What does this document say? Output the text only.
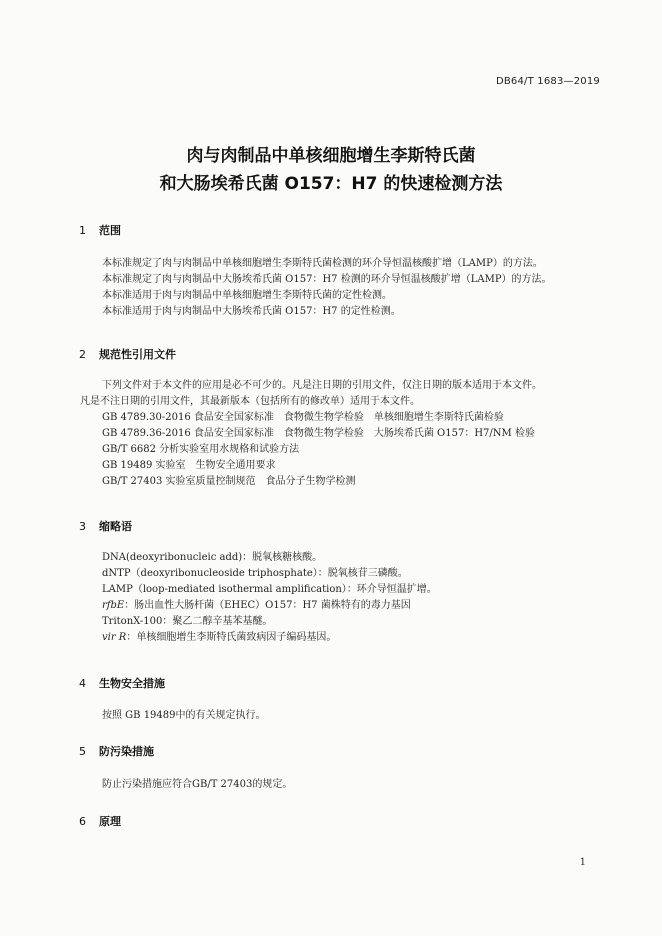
DB64/T 1683—2019
肉与肉制品中单核细胞增生李斯特氏菌
和大肠埃希氏菌 O157：H7 的快速检测方法
1 范围
本标准规定了肉与肉制品中单核细胞增生李斯特氏菌检测的环介导恒温核酸扩增（LAMP）的方法。
本标准规定了肉与肉制品中大肠埃希氏菌 O157：H7 检测的环介导恒温核酸扩增（LAMP）的方法。
本标准适用于肉与肉制品中单核细胞增生李斯特氏菌的定性检测。
本标准适用于肉与肉制品中大肠埃希氏菌 O157：H7 的定性检测。
2 规范性引用文件
下列文件对于本文件的应用是必不可少的。凡是注日期的引用文件，仅注日期的版本适用于本文件。
凡是不注日期的引用文件，其最新版本（包括所有的修改单）适用于本文件。
GB 4789.30-2016 食品安全国家标准　食物微生物学检验　单核细胞增生李斯特氏菌检验
GB 4789.36-2016 食品安全国家标准　食物微生物学检验　大肠埃希氏菌 O157：H7/NM 检验
GB/T 6682 分析实验室用水规格和试验方法
GB 19489 实验室　生物安全通用要求
GB/T 27403 实验室质量控制规范　食品分子生物学检测
3 缩略语
DNA(deoxyribonucleic add)：脱氧核糖核酸。
dNTP（deoxyribonucleoside triphosphate）：脱氧核苷三磷酸。
LAMP（loop-mediated isothermal amplification）：环介导恒温扩增。
rfbE：肠出血性大肠杆菌（EHEC）O157：H7 菌株特有的毒力基因
TritonX-100：聚乙二醇辛基苯基醚。
vir R：单核细胞增生李斯特氏菌致病因子编码基因。
4 生物安全措施
按照 GB 19489中的有关规定执行。
5 防污染措施
防止污染措施应符合GB/T 27403的规定。
6 原理
1
